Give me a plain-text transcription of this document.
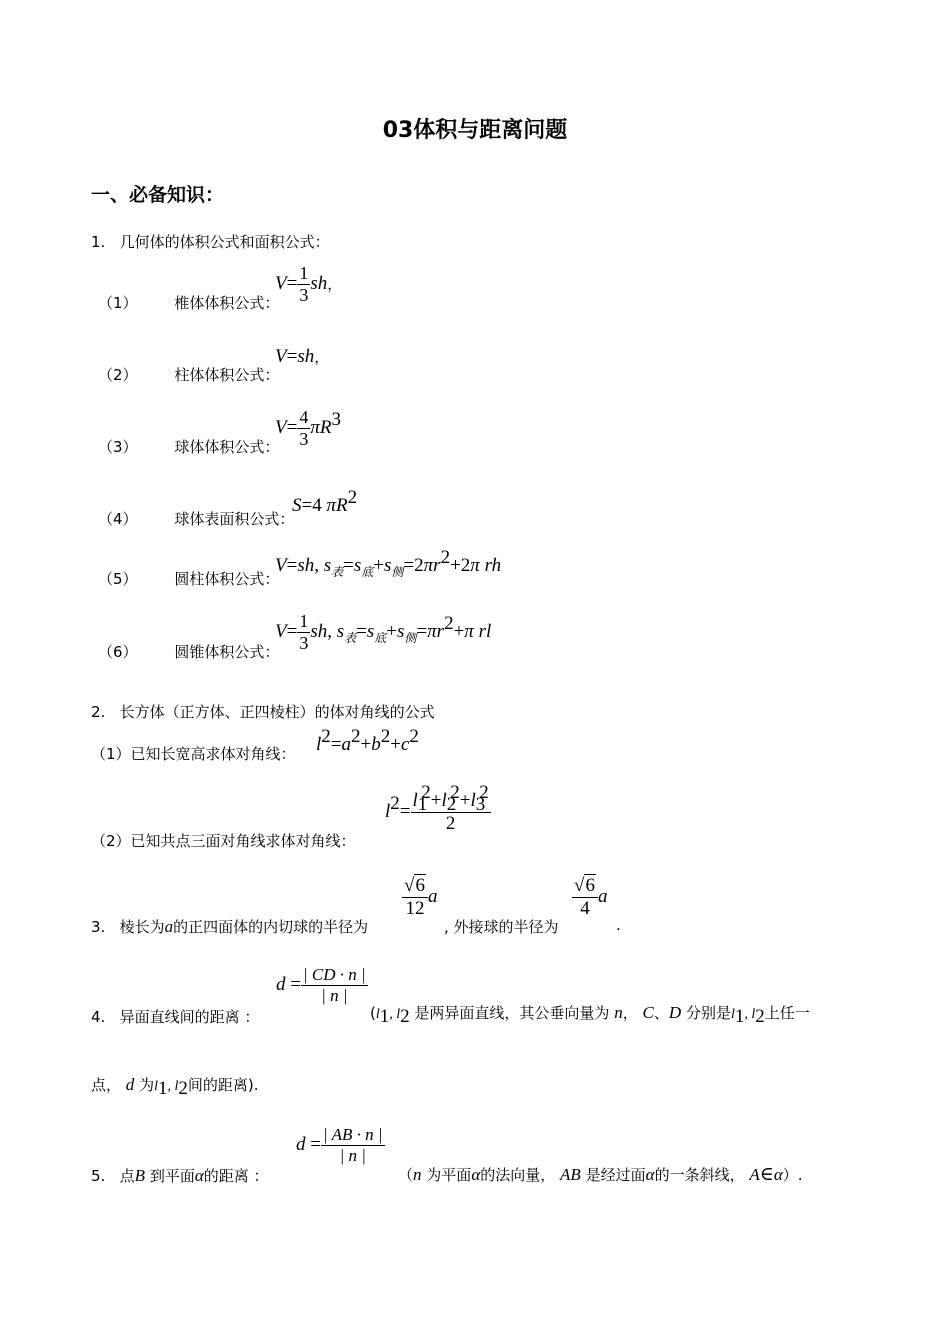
03体积与距离问题
一、必备知识：
1. 几何体的体积公式和面积公式：
（1） 椎体体积公式：
$V= \frac{1}{3}$ sh，
（2） 柱体体积公式：
V=sh，
（3） 球体体积公式：
$V= \frac{4}{3} \pi R^3$
（4） 球体表面积公式：
S=4 $\pi R^2$
（5） 圆柱体积公式：
V=sh, $s_表=s_底+s_侧=2\pi r^2+2\pi$ rh
（6） 圆锥体积公式：
$V= \frac{1}{3}$ sh, $s_表=s_底+s_侧=\pi r^2+\pi$ rl
2. 长方体（正方体、正四棱柱）的体对角线的公式
（1）已知长宽高求体对角线： $l^2=a^2+b^2+c^2$
（2）已知共点三面对角线求体对角线：
$l^2= \frac{l_1^2+l_2^2+l_3^2}{2}$
3. 棱长为a的正四面体的内切球的半径为
$\frac{√6}{12}$ a
, 外接球的半径为
$\frac{√6}{4}$ a
.
4. 异面直线间的距离 ：
$d = \frac{| CD \cdot n |}{| n |}$
($l_1$, $l_2$ 是两异面直线，其公垂向量为 n， C、D 分别是$l_1$, $l_2$上任一
点， d 为$l_1$, $l_2$间的距离).
5. 点B 到平面α的距离 ：
$d = \frac{| AB \cdot n |}{| n |}$
（n 为平面α的法向量， AB 是经过面α的一条斜线， A∈α）.
